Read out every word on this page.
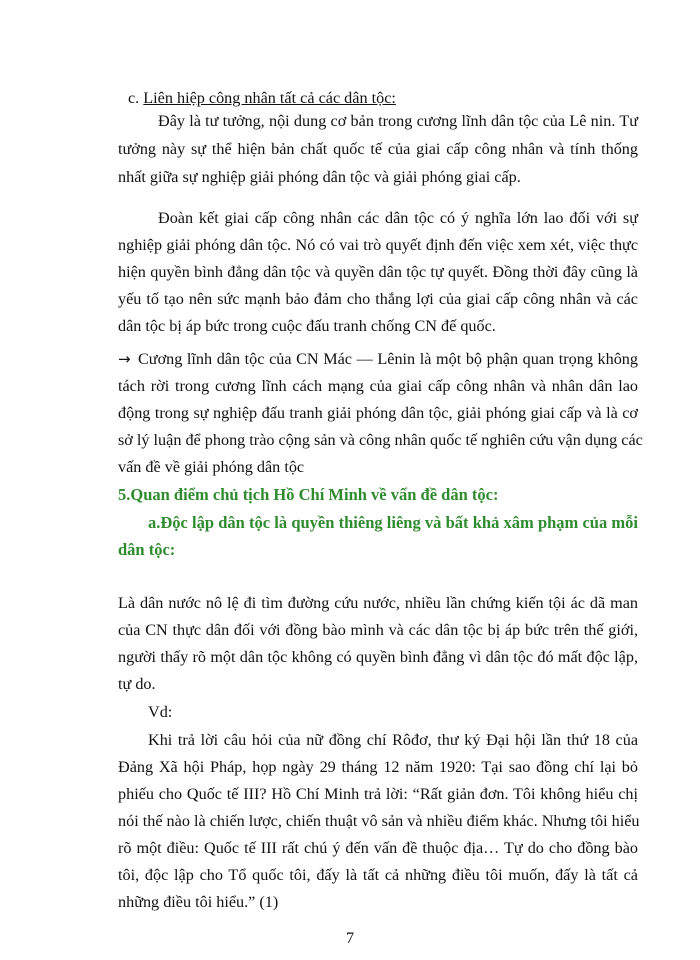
c. Liên hiệp công nhân tất cả các dân tộc:
Đây là tư tưởng, nội dung cơ bản trong cương lĩnh dân tộc của Lê nin. Tư
tưởng này sự thể hiện bản chất quốc tế của giai cấp công nhân và tính thống
nhất giữa sự nghiệp giải phóng dân tộc và giải phóng giai cấp.
Đoàn kết giai cấp công nhân các dân tộc có ý nghĩa lớn lao đối với sự
nghiệp giải phóng dân tộc. Nó có vai trò quyết định đến việc xem xét, việc thực
hiện quyền bình đẳng dân tộc và quyền dân tộc tự quyết. Đồng thời đây cũng là
yếu tố tạo nên sức mạnh bảo đảm cho thắng lợi của giai cấp công nhân và các
dân tộc bị áp bức trong cuộc đấu tranh chống CN đế quốc.
→ Cương lĩnh dân tộc của CN Mác — Lênin là một bộ phận quan trọng không
tách rời trong cương lĩnh cách mạng của giai cấp công nhân và nhân dân lao
động trong sự nghiệp đấu tranh giải phóng dân tộc, giải phóng giai cấp và là cơ
sở lý luận để phong trào cộng sản và công nhân quốc tế nghiên cứu vận dụng các
vấn đề về giải phóng dân tộc
5.Quan điểm chủ tịch Hồ Chí Minh về vấn đề dân tộc:
a.Độc lập dân tộc là quyền thiêng liêng và bất khả xâm phạm của mỗi
dân tộc:
Là dân nước nô lệ đi tìm đường cứu nước, nhiều lần chứng kiến tội ác dã man
của CN thực dân đối với đồng bào mình và các dân tộc bị áp bức trên thế giới,
người thấy rõ một dân tộc không có quyền bình đẳng vì dân tộc đó mất độc lập,
tự do.
Vd:
Khi trả lời câu hỏi của nữ đồng chí Rôđơ, thư ký Đại hội lần thứ 18 của
Đảng Xã hội Pháp, họp ngày 29 tháng 12 năm 1920: Tại sao đồng chí lại bỏ
phiếu cho Quốc tế III? Hồ Chí Minh trả lời: “Rất giản đơn. Tôi không hiểu chị
nói thế nào là chiến lược, chiến thuật vô sản và nhiều điểm khác. Nhưng tôi hiểu
rõ một điều: Quốc tế III rất chú ý đến vấn đề thuộc địa… Tự do cho đồng bào
tôi, độc lập cho Tổ quốc tôi, đấy là tất cả những điều tôi muốn, đấy là tất cả
những điều tôi hiểu.” (1)
7
